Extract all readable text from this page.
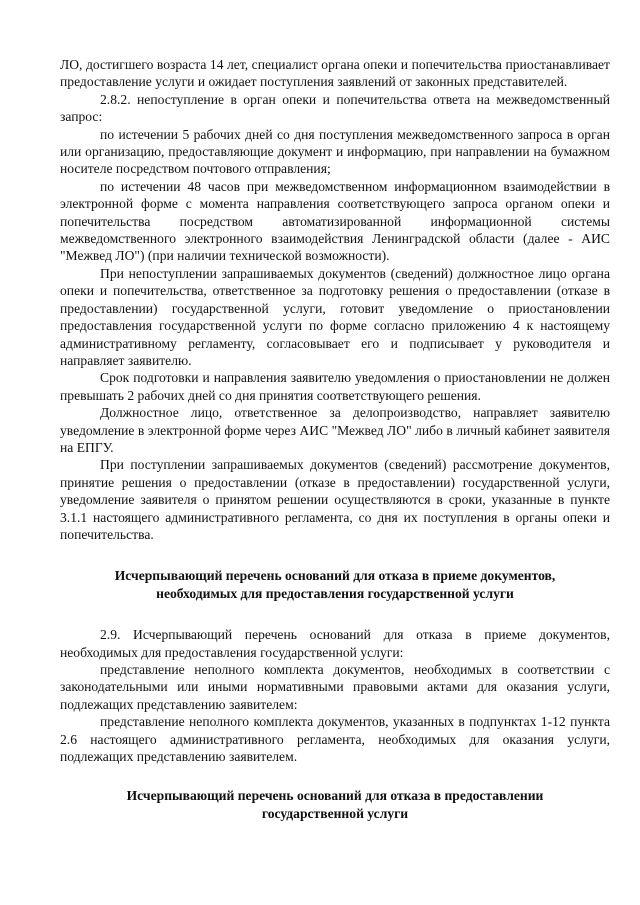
ЛО, достигшего возраста 14 лет, специалист органа опеки и попечительства приостанавливает предоставление услуги и ожидает поступления заявлений от законных представителей.

2.8.2. непоступление в орган опеки и попечительства ответа на межведомственный запрос:

по истечении 5 рабочих дней со дня поступления межведомственного запроса в орган или организацию, предоставляющие документ и информацию, при направлении на бумажном носителе посредством почтового отправления;

по истечении 48 часов при межведомственном информационном взаимодействии в электронной форме с момента направления соответствующего запроса органом опеки и попечительства посредством автоматизированной информационной системы межведомственного электронного взаимодействия Ленинградской области (далее - АИС "Межвед ЛО") (при наличии технической возможности).

При непоступлении запрашиваемых документов (сведений) должностное лицо органа опеки и попечительства, ответственное за подготовку решения о предоставлении (отказе в предоставлении) государственной услуги, готовит уведомление о приостановлении предоставления государственной услуги по форме согласно приложению 4 к настоящему административному регламенту, согласовывает его и подписывает у руководителя и направляет заявителю.

Срок подготовки и направления заявителю уведомления о приостановлении не должен превышать 2 рабочих дней со дня принятия соответствующего решения.

Должностное лицо, ответственное за делопроизводство, направляет заявителю уведомление в электронной форме через АИС "Межвед ЛО" либо в личный кабинет заявителя на ЕПГУ.

При поступлении запрашиваемых документов (сведений) рассмотрение документов, принятие решения о предоставлении (отказе в предоставлении) государственной услуги, уведомление заявителя о принятом решении осуществляются в сроки, указанные в пункте 3.1.1 настоящего административного регламента, со дня их поступления в органы опеки и попечительства.

Исчерпывающий перечень оснований для отказа в приеме документов, необходимых для предоставления государственной услуги

2.9. Исчерпывающий перечень оснований для отказа в приеме документов, необходимых для предоставления государственной услуги:

представление неполного комплекта документов, необходимых в соответствии с законодательными или иными нормативными правовыми актами для оказания услуги, подлежащих представлению заявителем:

представление неполного комплекта документов, указанных в подпунктах 1-12 пункта 2.6 настоящего административного регламента, необходимых для оказания услуги, подлежащих представлению заявителем.

Исчерпывающий перечень оснований для отказа в предоставлении государственной услуги
